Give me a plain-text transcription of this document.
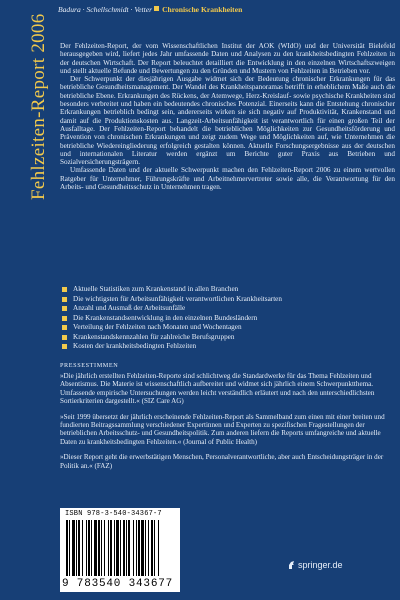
Fehlzeiten-Report 2006
Badura · Schellschmidt · Vetter Chronische Krankheiten

Der Fehlzeiten-Report, der vom Wissenschaftlichen Institut der AOK (WIdO) und der Universität Bielefeld herausgegeben wird, liefert jedes Jahr umfassende Daten und Analysen zu den krankheitsbedingten Fehlzeiten in der deutschen Wirtschaft. Der Report beleuchtet detailliert die Entwicklung in den einzelnen Wirtschaftszweigen und stellt aktuelle Befunde und Bewertungen zu den Gründen und Mustern von Fehlzeiten in Betrieben vor.

Der Schwerpunkt der diesjährigen Ausgabe widmet sich der Bedeutung chronischer Erkrankungen für das betriebliche Gesundheitsmanagement. Der Wandel des Krankheitspanoramas betrifft in erheblichem Maße auch die betriebliche Ebene. Erkrankungen des Rückens, der Atemwege, Herz-Kreislauf- sowie psychische Krankheiten sind besonders verbreitet und haben ein bedeutendes chronisches Potenzial. Einerseits kann die Entstehung chronischer Erkrankungen betrieblich bedingt sein, andererseits wirken sie sich negativ auf Produktivität, Krankenstand und damit auf die Produktionskosten aus. Langzeit-Arbeitsunfähigkeit ist verantwortlich für einen großen Teil der Ausfalltage. Der Fehlzeiten-Report behandelt die betrieblichen Möglichkeiten zur Gesundheitsförderung und Prävention von chronischen Erkrankungen und zeigt zudem Wege und Möglichkeiten auf, wie Unternehmen die betriebliche Wiedereingliederung erfolgreich gestalten können. Aktuelle Forschungsergebnisse aus der deutschen und internationalen Literatur werden ergänzt um Berichte guter Praxis aus Betrieben und Sozialversicherungsträgern.

Umfassende Daten und der aktuelle Schwerpunkt machen den Fehlzeiten-Report 2006 zu einem wertvollen Ratgeber für Unternehmer, Führungskräfte und Arbeitnehmervertreter sowie alle, die Verantwortung für den Arbeits- und Gesundheitsschutz in Unternehmen tragen.

Aktuelle Statistiken zum Krankenstand in allen Branchen
Die wichtigsten für Arbeitsunfähigkeit verantwortlichen Krankheitsarten
Anzahl und Ausmaß der Arbeitsunfälle
Die Krankenstandsentwicklung in den einzelnen Bundesländern
Verteilung der Fehlzeiten nach Monaten und Wochentagen
Krankenstandskennzahlen für zahlreiche Berufsgruppen
Kosten der krankheitsbedingten Fehlzeiten
PRESSESTIMMEN

»Die jährlich erstellten Fehlzeiten-Reporte sind schlichtweg die Standardwerke für das Thema Fehlzeiten und Absentismus. Die Materie ist wissenschaftlich aufbereitet und widmet sich jährlich einem Schwerpunktthema. Umfassende empirische Untersuchungen werden leicht verständlich erläutert und nach den unterschiedlichsten Sortierkriterien dargestellt.« (SIZ Care AG)

»Seit 1999 übersetzt der jährlich erscheinende Fehlzeiten-Report als Sammelband zum einen mit einer breiten und fundierten Beitragssammlung verschiedener Expertinnen und Experten zu spezifischen Fragestellungen der betrieblichen Arbeitsschutz- und Gesundheitspolitik. Zum anderen liefern die Reports umfangreiche und aktuelle Daten zu krankheitsbedingten Fehlzeiten.« (Journal of Public Health)

»Dieser Report geht die erwerbstätigen Menschen, Personalverantwortliche, aber auch Entscheidungsträger in der Politik an.« (FAZ)

ISBN 978-3-540-34367-7
9 783540 343677
springer.de
